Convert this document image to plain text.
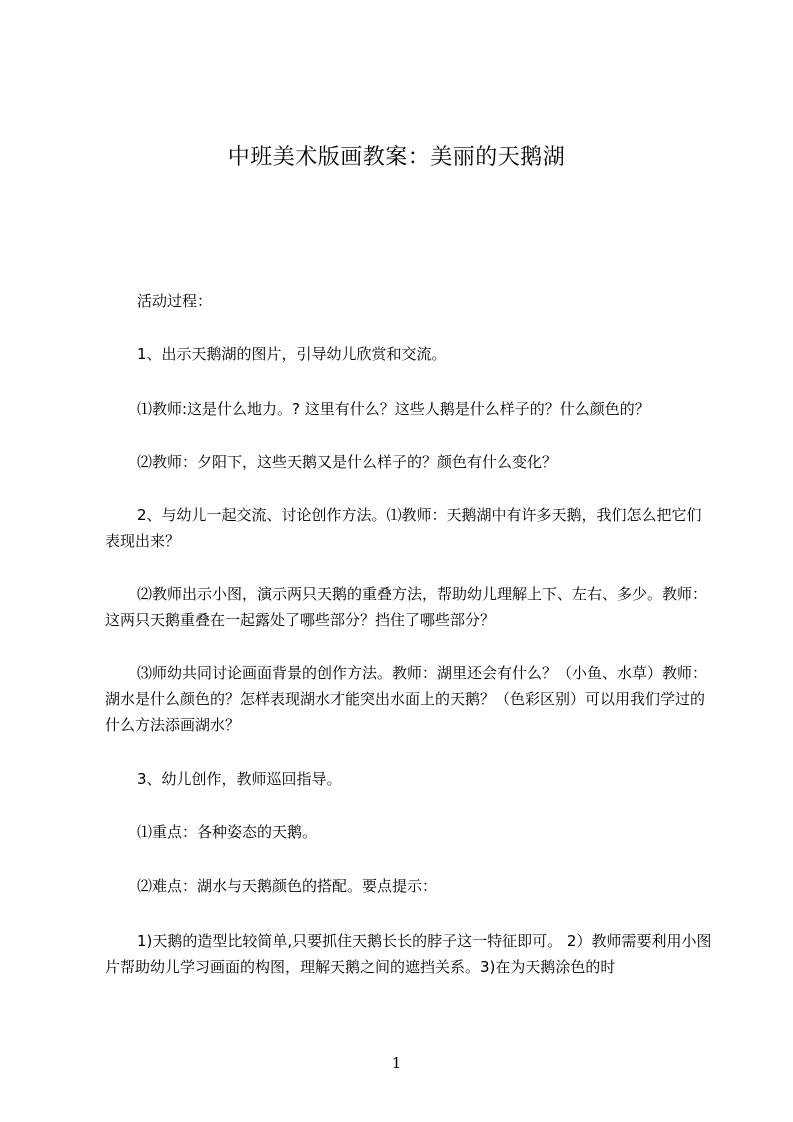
中班美术版画教案：美丽的天鹅湖
活动过程：
1、出示天鹅湖的图片，引导幼儿欣赏和交流。
⑴教师:这是什么地力。? 这里有什么？这些人鹅是什么样子的？什么颜色的？
⑵教师：夕阳下，这些天鹅又是什么样子的？颜色有什么变化？
2、与幼儿一起交流、讨论创作方法。⑴教师：天鹅湖中有许多天鹅，我们怎么把它们表现出来？
⑵教师出示小图，演示两只天鹅的重叠方法，帮助幼儿理解上下、左右、多少。教师：这两只天鹅重叠在一起露处了哪些部分？挡住了哪些部分？
⑶师幼共同讨论画面背景的创作方法。教师：湖里还会有什么？（小鱼、水草）教师：湖水是什么颜色的？怎样表现湖水才能突出水面上的天鹅？（色彩区别）可以用我们学过的什么方法添画湖水？
3、幼儿创作，教师巡回指导。
⑴重点：各种姿态的天鹅。
⑵难点：湖水与天鹅颜色的搭配。要点提示：
1)天鹅的造型比较简单,只要抓住天鹅长长的脖子这一特征即可。 2）教师需要利用小图片帮助幼儿学习画面的构图，理解天鹅之间的遮挡关系。3)在为天鹅涂色的时
1
